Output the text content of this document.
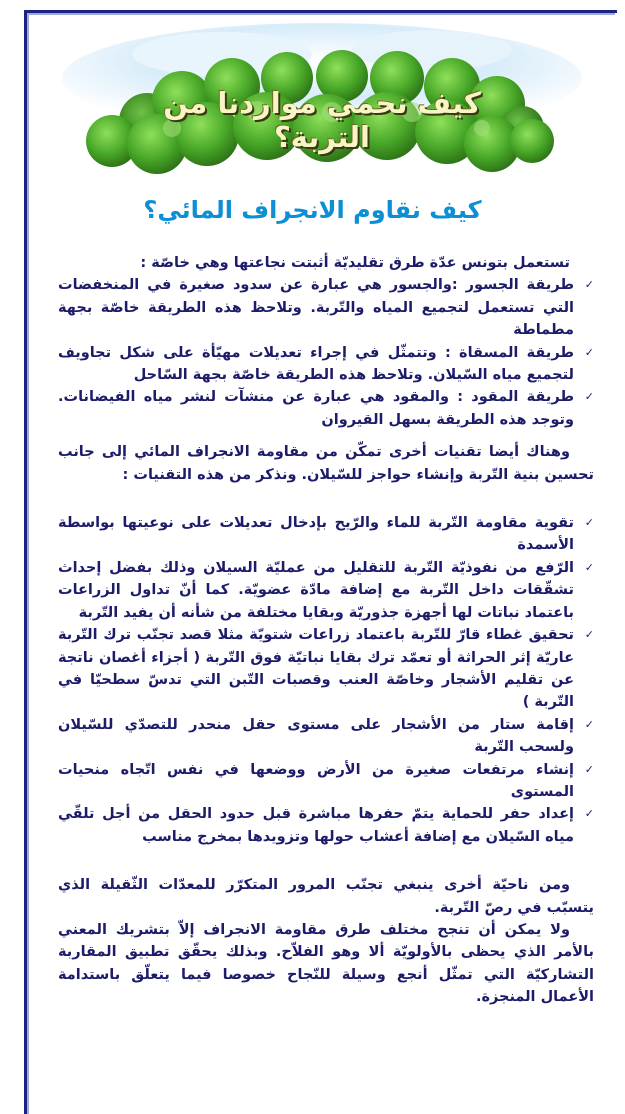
كيف نحمي مواردنا من
التربة؟
كيف نقاوم الانجراف المائي؟

تستعمل بتونس عدّة طرق تقليديّة أثبتت نجاعتها وهي خاصّة :

✓
طريقة الجسور :والجسور هي عبارة عن سدود صغيرة في المنخفضات التي تستعمل لتجميع المياه والتّربة. وتلاحظ هذه الطريقة خاصّة بجهة مطماطة
✓
طريقة المسقاة : وتتمثّل في إجراء تعديلات مهيّأة على شكل تجاويف لتجميع مياه السّيلان. وتلاحظ هذه الطريقة خاصّة بجهة السّاحل
✓
طريقة المقود : والمقود هي عبارة عن منشآت لنشر مياه الفيضانات. وتوجد هذه الطريقة بسهل القيروان

وهناك أيضا تقنيات أخرى تمكّن من مقاومة الانجراف المائي إلى جانب تحسين بنية التّربة وإنشاء حواجز للسّيلان. ونذكر من هذه التقنيات :

✓
تقوية مقاومة التّربة للماء والرّيح بإدخال تعديلات على نوعيتها بواسطة الأسمدة
✓
الرّفع من نفوذيّة التّربة للتقليل من عمليّة السيلان وذلك بفضل إحداث تشقّقات داخل التّربة مع إضافة مادّة عضويّة. كما أنّ تداول الزراعات باعتماد نباتات لها أجهزة جذوريّة وبقايا مختلفة من شأنه أن يفيد التّربة
✓
تحقيق غطاء قارّ للتّربة باعتماد زراعات شتويّة مثلا قصد تجنّب ترك التّربة عاريّة إثر الحراثة أو تعمّد ترك بقايا نباتيّة فوق التّربة ( أجزاء أغصان ناتجة عن تقليم الأشجار وخاصّة العنب وقصبات التّبن التي تدسّ سطحيّا في التّربة )
✓
إقامة ستار من الأشجار على مستوى حقل منحدر للتصدّي للسّيلان ولسحب التّربة
✓
إنشاء مرتفعات صغيرة من الأرض ووضعها في نفس اتّجاه منحيات المستوى
✓
إعداد حفر للحماية يتمّ حفرها مباشرة قبل حدود الحقل من أجل تلقّي مياه السّيلان مع إضافة أعشاب حولها وتزويدها بمخرج مناسب

ومن ناحيّة أخرى ينبغي تجنّب المرور المتكرّر للمعدّات الثّقيلة الذي يتسبّب في رصّ التّربة.

ولا يمكن أن تنجح مختلف طرق مقاومة الانجراف إلاّ بتشريك المعني بالأمر الذي يحظى بالأولويّة ألا وهو الفلاّح. وبذلك يحقّق تطبيق المقاربة التشاركيّة التي تمثّل أنجع وسيلة للنّجاح خصوصا فيما يتعلّق باستدامة الأعمال المنجزة.
